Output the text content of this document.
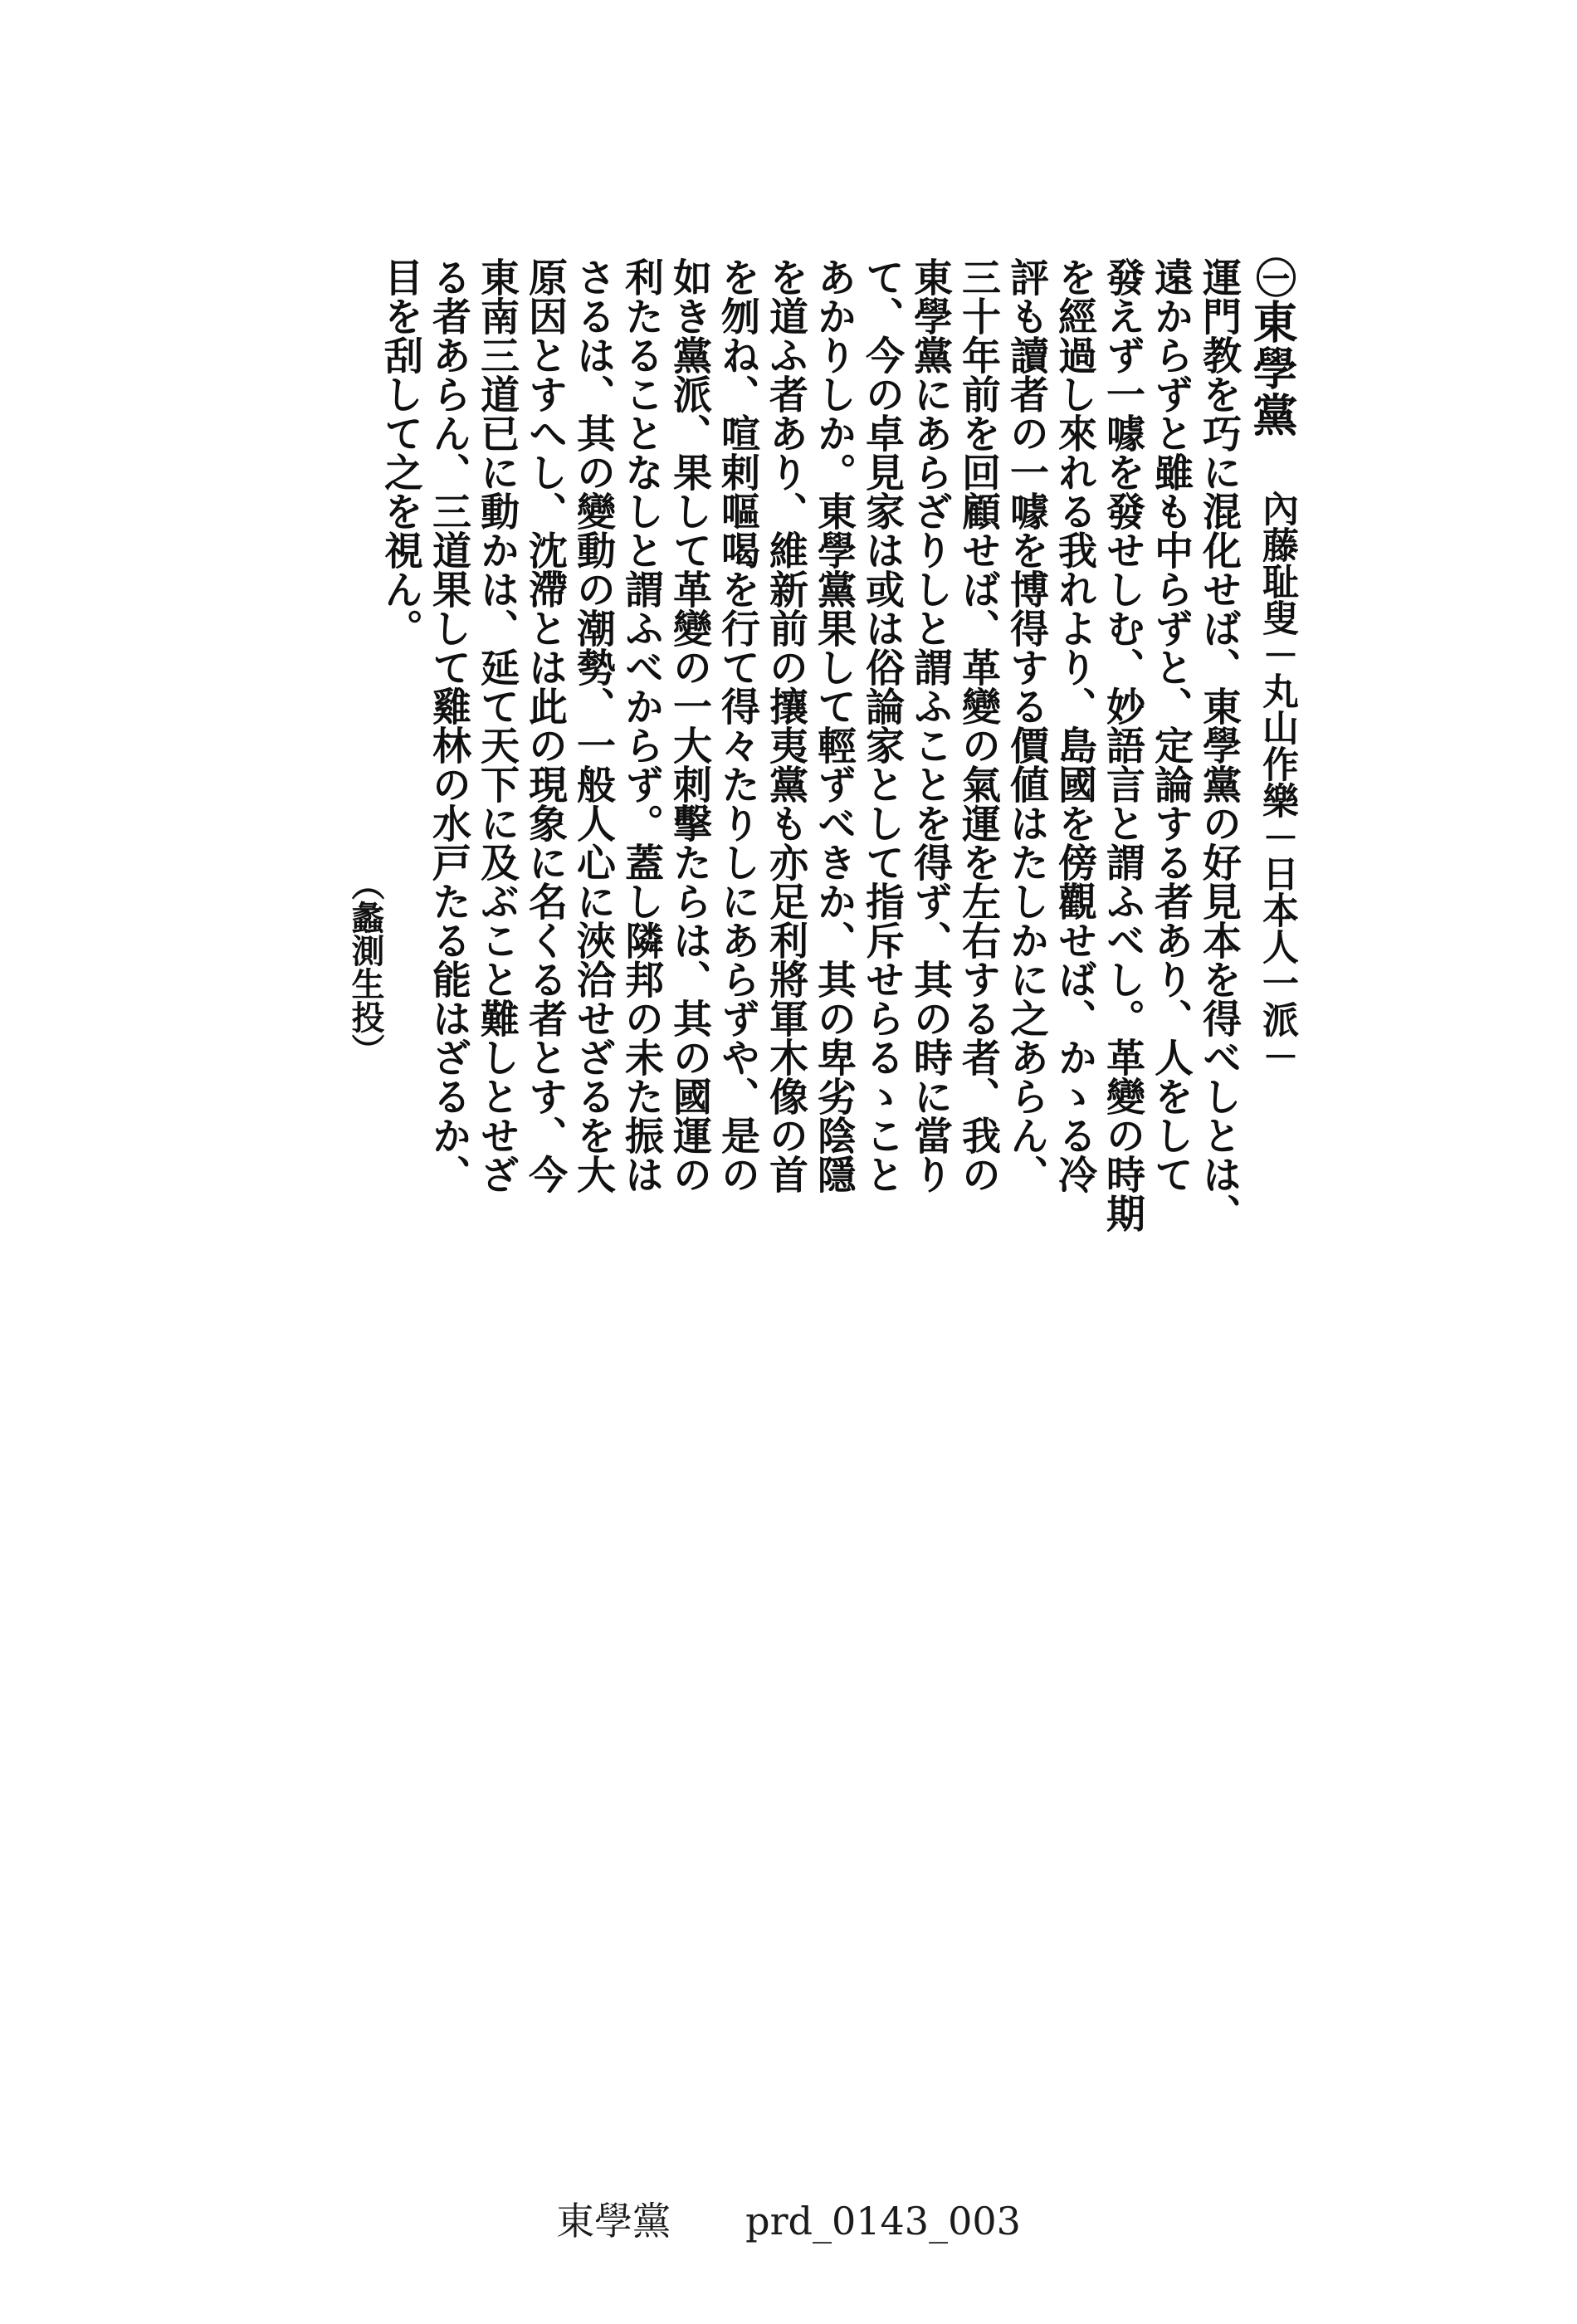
㊀東學黨
內藤耻叟－丸山作樂－日本人一派－
運門教を巧に混化せば、東學黨の好見本を得べしとは、
遠からずと雖も中らずと、定論する者あり、人をして
發えず一噱を發せしむ、妙語言と謂ふべし。革變の時期
を經過し來れる我れより、島國を傍觀せば、かゝる冷
評も讀者の一噱を博得する價値はたしかに之あらん、
三十年前を回顧せば、革變の氣運を左右する者、我の
東學黨にあらざりしと謂ふことを得ず、其の時に當り
て、今の卓見家は或は俗論家として指斥せらるゝこと
あかりしか。東學黨果して輕ずべきか、其の卑劣陰隱
を道ふ者あり、維新前の攘夷黨も亦足利將軍木像の首
を刎ね、喧剌嘔喝を行て得々たりしにあらずや、是の
如き黨派、果して革變の一大刺擊たらは、其の國運の
利たることなしと謂ふべからず。蓋し隣邦の未た振は
さるは、其の變動の潮勢、一般人心に浹洽せざるを大
原因とすへし、沈滯とは此の現象に名くる者とす、今
東南三道已に動かは、延て天下に及ぶこと難しとせざ
る者あらん、三道果して雞林の水戸たる能はざるか、
目を刮して之を視ん。
（蠡測生投）
東學黨 prd_0143_003
